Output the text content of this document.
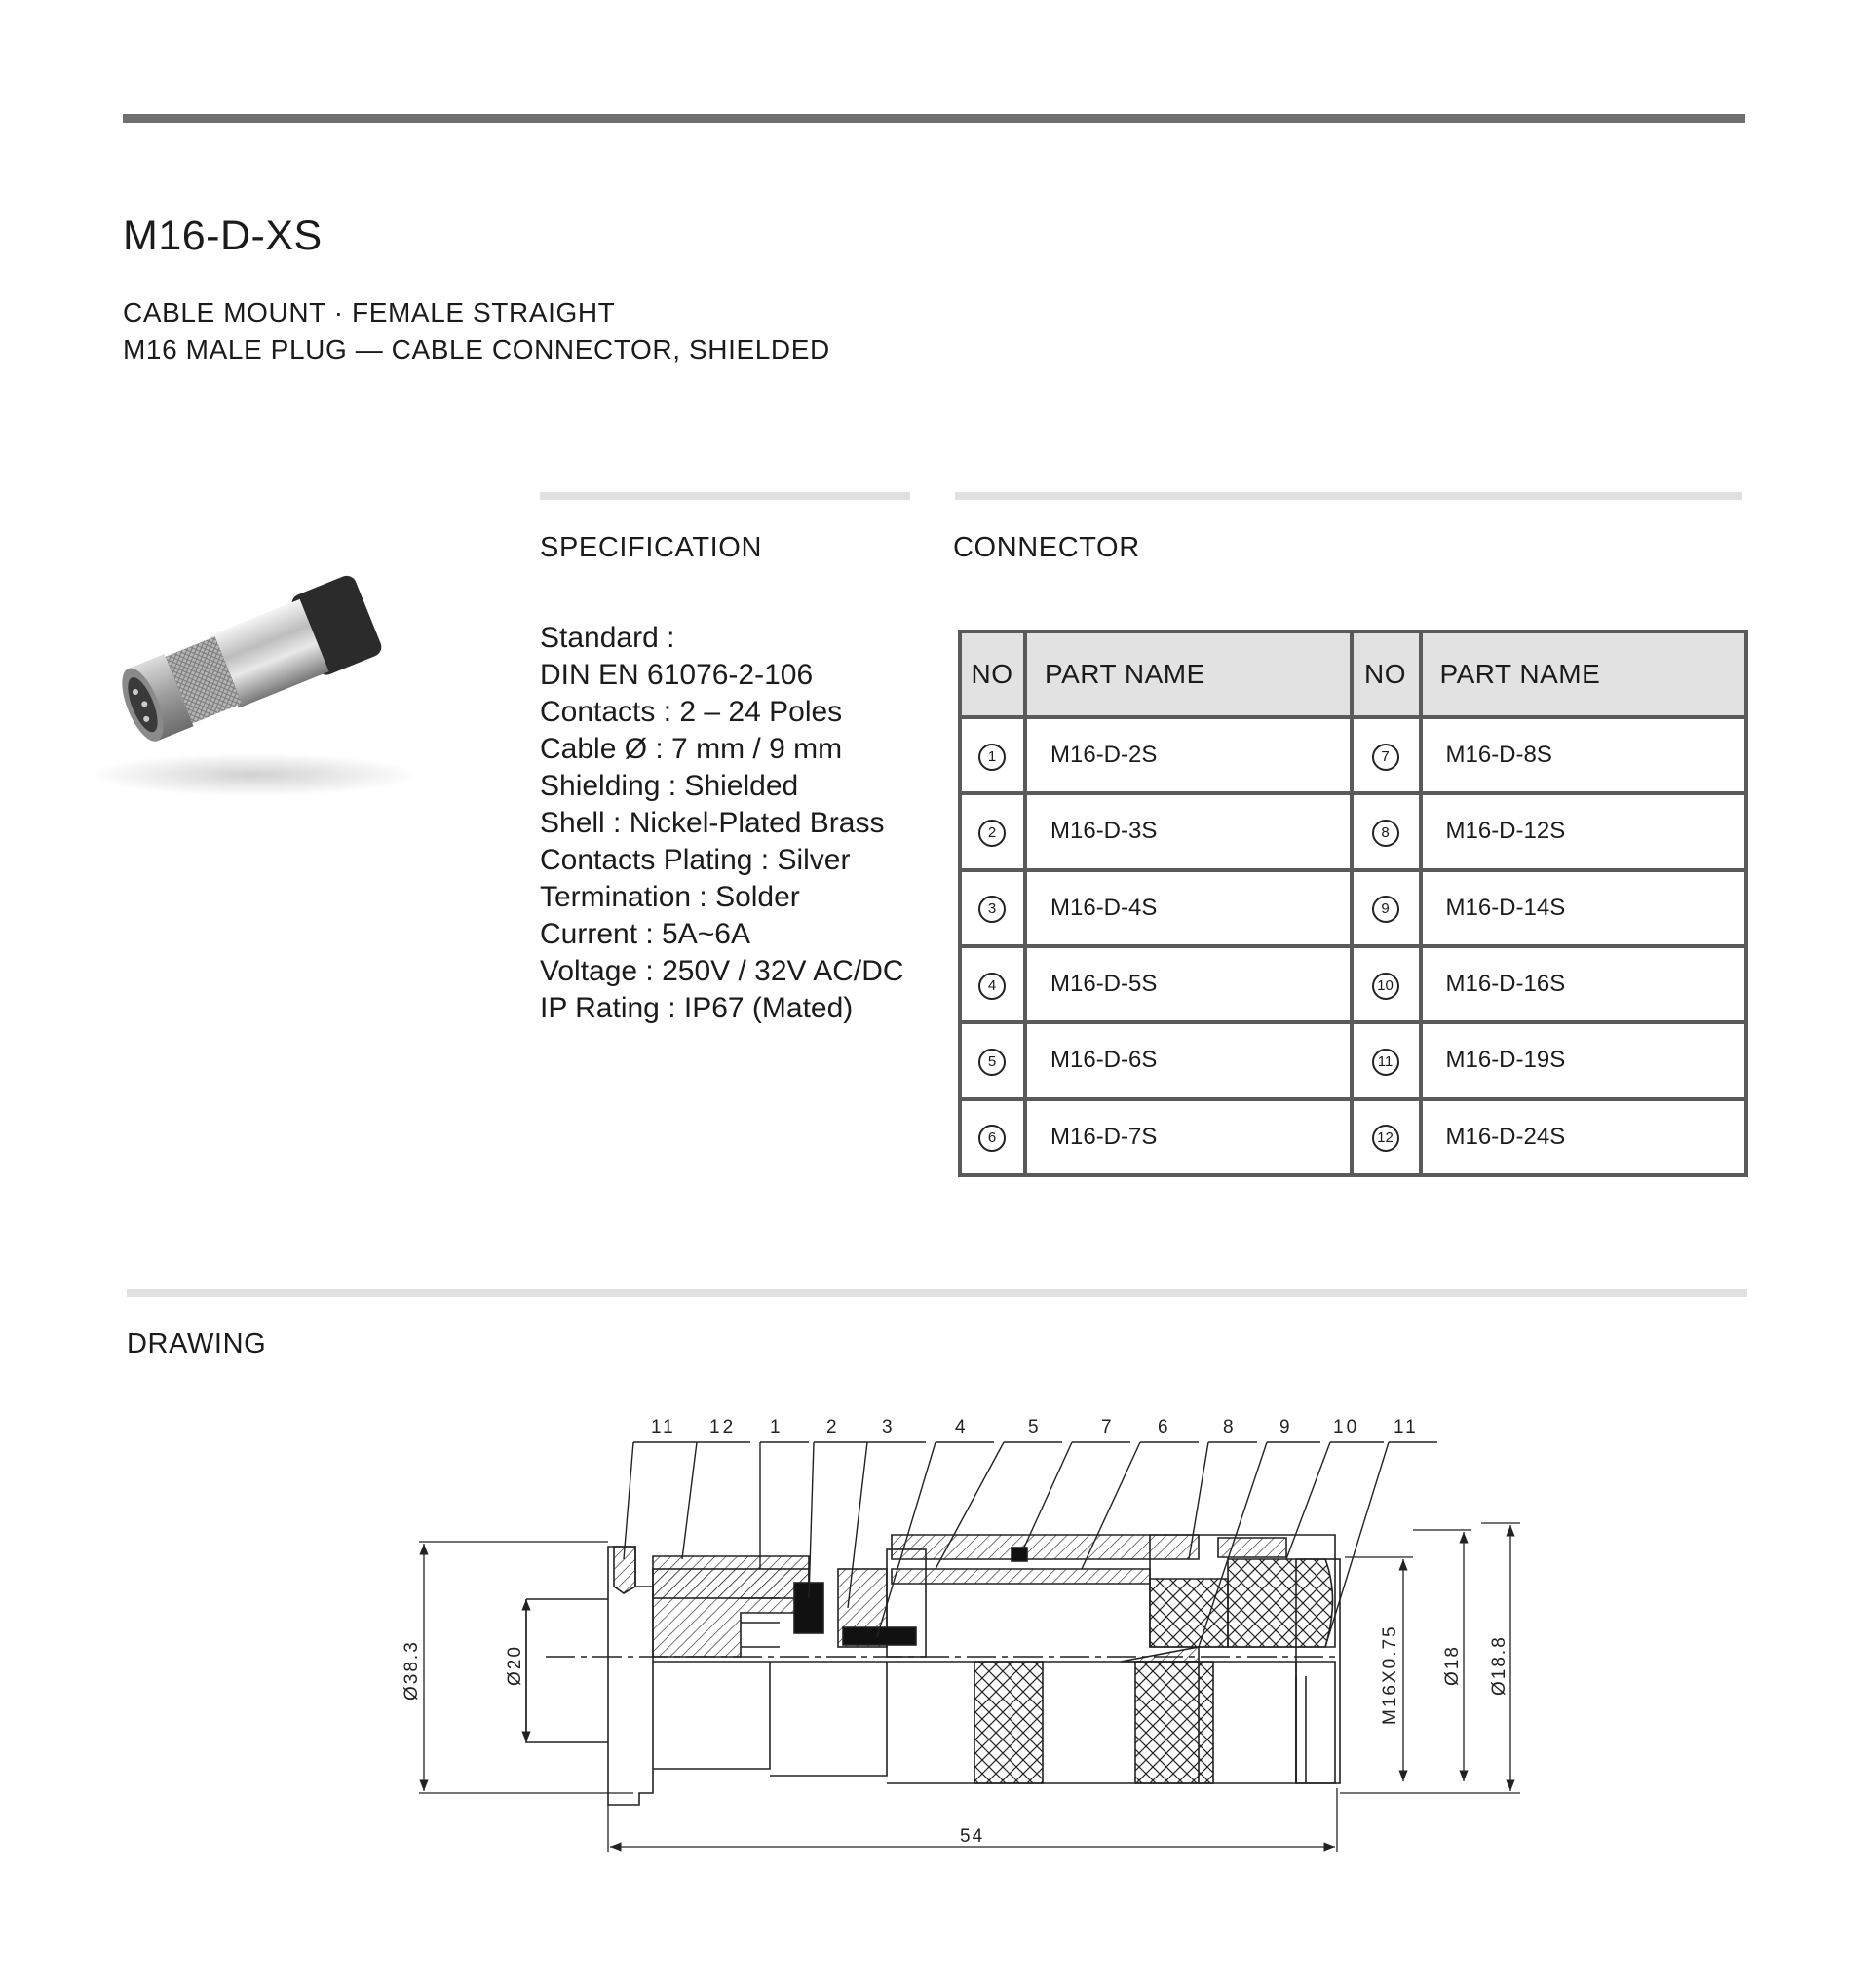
M16-D-XS
CABLE MOUNT · FEMALE STRAIGHT
M16 MALE PLUG — CABLE CONNECTOR, SHIELDED
SPECIFICATION
Standard :
DIN EN 61076-2-106
Contacts : 2 – 24 Poles
Cable Ø : 7 mm / 9 mm
Shielding : Shielded
Shell : Nickel-Plated Brass
Contacts Plating : Silver
Termination : Solder
Current : 5A~6A
Voltage : 250V / 32V AC/DC
IP Rating : IP67 (Mated)
CONNECTOR
NO	PART NAME	NO	PART NAME
1	M16-D-2S	7	M16-D-8S
2	M16-D-3S	8	M16-D-12S
3	M16-D-4S	9	M16-D-14S
4	M16-D-5S	10	M16-D-16S
5	M16-D-6S	11	M16-D-19S
6	M16-D-7S	12	M16-D-24S
DRAWING
11 12 1 2 3	4	5	7 6	8 9 10 11
Ø38.3	Ø20	M16X0.75 Ø18 Ø18.8
54
